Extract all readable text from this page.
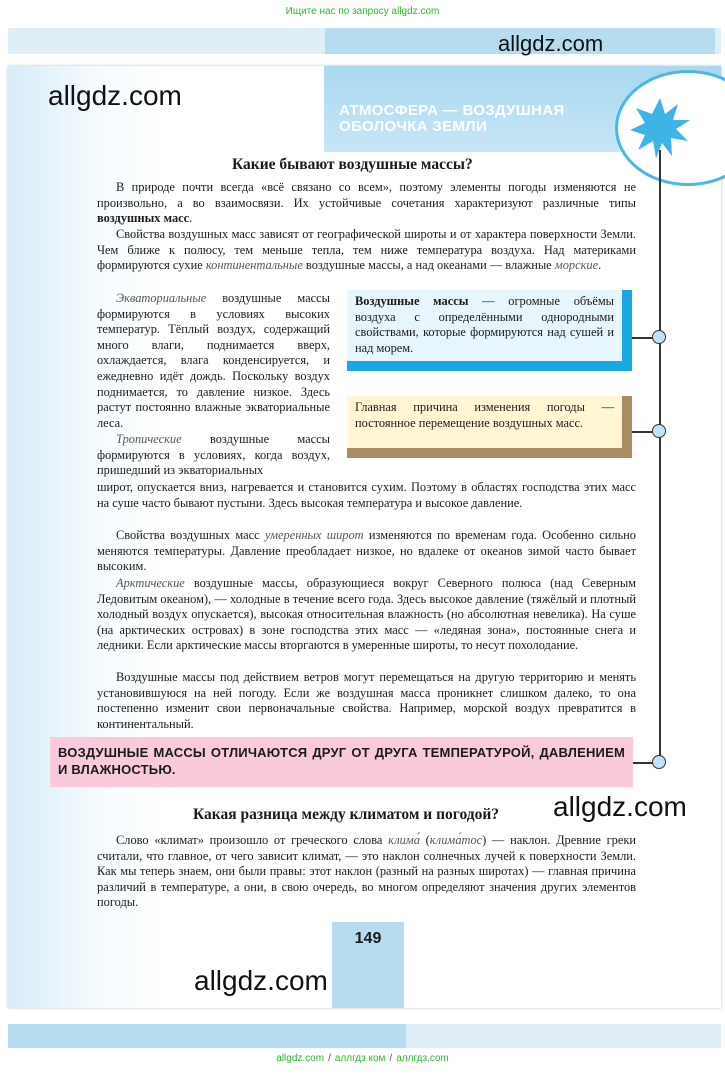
Ищите нас по запросу allgdz.com
allgdz.com
АТМОСФЕРА — ВОЗДУШНАЯ
ОБОЛОЧКА ЗЕМЛИ
allgdz.com
Какие бывают воздушные массы?

В природе почти всегда «всё связано со всем», поэтому элементы погоды изменяются не произвольно, а во взаимосвязи. Их устойчивые сочетания характеризуют различные типы воздушных масс.

Свойства воздушных масс зависят от географической широты и от характера поверхности Земли. Чем ближе к полюсу, тем меньше тепла, тем ниже температура воздуха. Над материками формируются сухие континентальные воздушные массы, а над океанами — влажные морские.

Экваториальные воздушные массы формируются в условиях высоких температур. Тёплый воздух, содержащий много влаги, поднимается вверх, охлаждается, влага конденсируется, и ежедневно идёт дождь. Поскольку воздух поднимается, то давление низкое. Здесь растут постоянно влажные экваториальные леса.

Тропические воздушные массы формируются в условиях, когда воздух, пришедший из экваториальных

широт, опускается вниз, нагревается и становится сухим. Поэтому в областях господства этих масс на суше часто бывают пустыни. Здесь высокая температура и высокое давление.

Свойства воздушных масс умеренных широт изменяются по временам года. Особенно сильно меняются температуры. Давление преобладает низкое, но вдалеке от океанов зимой часто бывает высоким.

Арктические воздушные массы, образующиеся вокруг Северного полюса (над Северным Ледовитым океаном), — холодные в течение всего года. Здесь высокое давление (тяжёлый и плотный холодный воздух опускается), высокая относительная влажность (но абсолютная невелика). На суше (на арктических островах) в зоне господства этих масс — «ледяная зона», постоянные снега и ледники. Если арктические массы вторгаются в умеренные широты, то несут похолодание.

Воздушные массы под действием ветров могут перемещаться на другую территорию и менять установившуюся на ней погоду. Если же воздушная масса проникнет слишком далеко, то она постепенно изменит свои первоначальные свойства. Например, морской воздух превратится в континентальный.

Воздушные массы — огромные объёмы воздуха с определёнными однородными свойствами, которые формируются над сушей и над морем.
Главная причина изменения погоды — постоянное перемещение воздушных масс.
ВОЗДУШНЫЕ МАССЫ ОТЛИЧАЮТСЯ ДРУГ ОТ ДРУГА ТЕМПЕРАТУРОЙ, ДАВЛЕНИЕМ И ВЛАЖНОСТЬЮ.
Какая разница между климатом и погодой? allgdz.com

Слово «климат» произошло от греческого слова клима́ (клима́тос) — наклон. Древние греки считали, что главное, от чего зависит климат, — это наклон солнечных лучей к поверхности Земли. Как мы теперь знаем, они были правы: этот наклон (разный на разных широтах) — главная причина различий в температуре, а они, в свою очередь, во многом определяют значения других элементов погоды.

149
allgdz.com
allgdz.com / аллгдз ком / аллгдз.com
